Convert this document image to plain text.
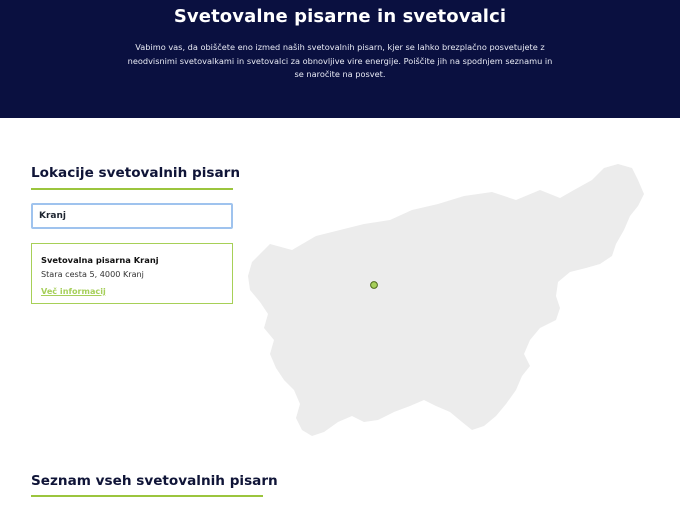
Svetovalne pisarne in svetovalci

Vabimo vas, da obiščete eno izmed naših svetovalnih pisarn, kjer se lahko brezplačno posvetujete z neodvisnimi svetovalkami in svetovalci za obnovljive vire energije. Poiščite jih na spodnjem seznamu in se naročite na posvet.

Lokacije svetovalnih pisarn
Kranj
Svetovalna pisarna Kranj
Stara cesta 5, 4000 Kranj
Več informacij
Seznam vseh svetovalnih pisarn
